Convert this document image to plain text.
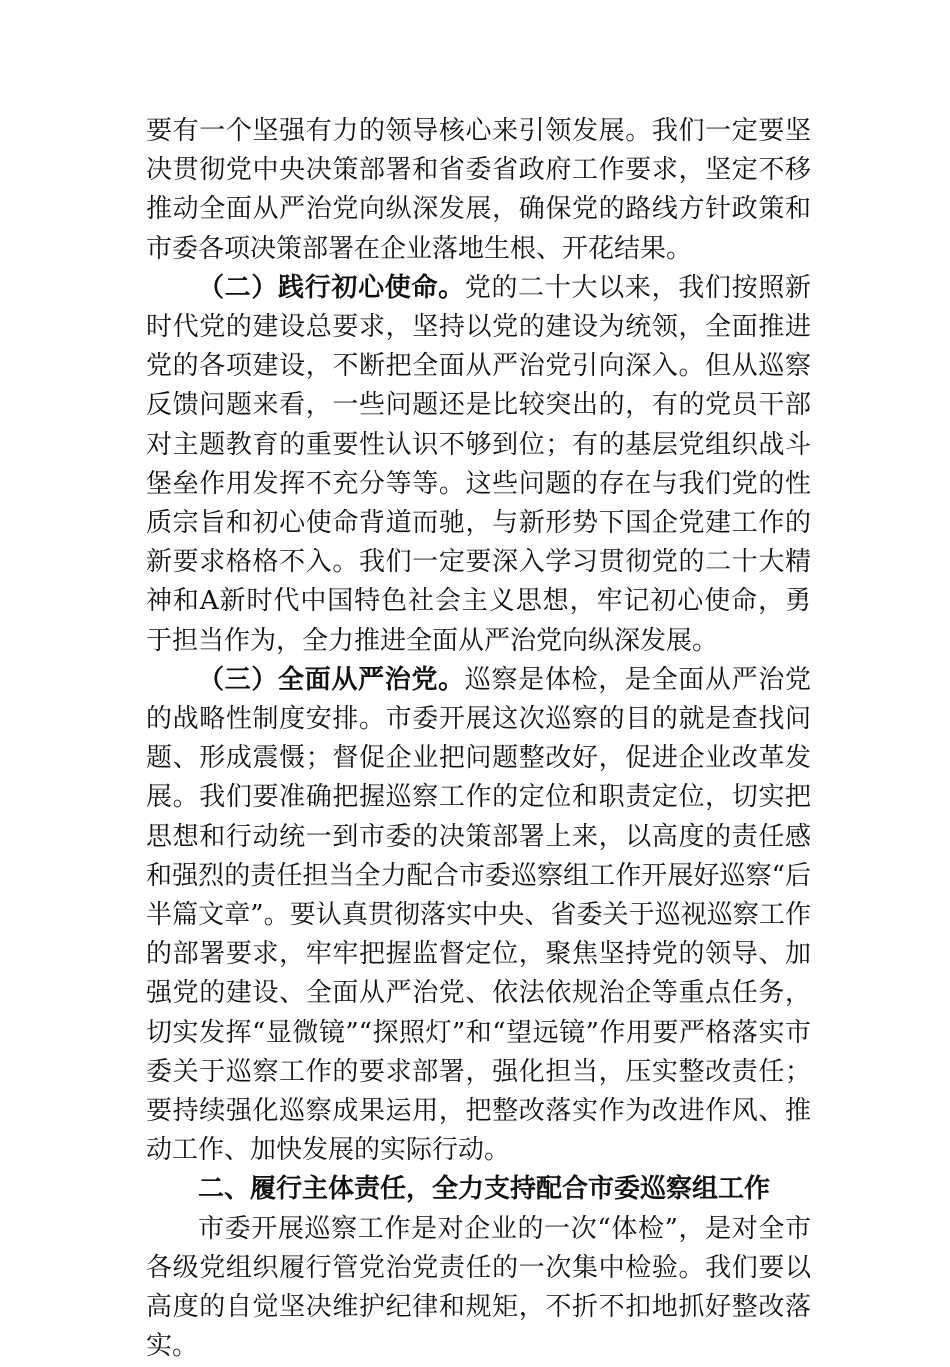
要有一个坚强有力的领导核心来引领发展。我们一定要坚决贯彻党中央决策部署和省委省政府工作要求，坚定不移推动全面从严治党向纵深发展，确保党的路线方针政策和市委各项决策部署在企业落地生根、开花结果。

（二）践行初心使命。党的二十大以来，我们按照新时代党的建设总要求，坚持以党的建设为统领，全面推进党的各项建设，不断把全面从严治党引向深入。但从巡察反馈问题来看，一些问题还是比较突出的，有的党员干部对主题教育的重要性认识不够到位；有的基层党组织战斗堡垒作用发挥不充分等等。这些问题的存在与我们党的性质宗旨和初心使命背道而驰，与新形势下国企党建工作的新要求格格不入。我们一定要深入学习贯彻党的二十大精神和A新时代中国特色社会主义思想，牢记初心使命，勇于担当作为，全力推进全面从严治党向纵深发展。

（三）全面从严治党。巡察是体检，是全面从严治党的战略性制度安排。市委开展这次巡察的目的就是查找问题、形成震慑；督促企业把问题整改好，促进企业改革发展。我们要准确把握巡察工作的定位和职责定位，切实把思想和行动统一到市委的决策部署上来，以高度的责任感和强烈的责任担当全力配合市委巡察组工作开展好巡察“后半篇文章”。要认真贯彻落实中央、省委关于巡视巡察工作的部署要求，牢牢把握监督定位，聚焦坚持党的领导、加强党的建设、全面从严治党、依法依规治企等重点任务，切实发挥“显微镜”“探照灯”和“望远镜”作用要严格落实市委关于巡察工作的要求部署，强化担当，压实整改责任；要持续强化巡察成果运用，把整改落实作为改进作风、推动工作、加快发展的实际行动。

二、履行主体责任，全力支持配合市委巡察组工作

市委开展巡察工作是对企业的一次“体检”，是对全市各级党组织履行管党治党责任的一次集中检验。我们要以高度的自觉坚决维护纪律和规矩，不折不扣地抓好整改落实。
